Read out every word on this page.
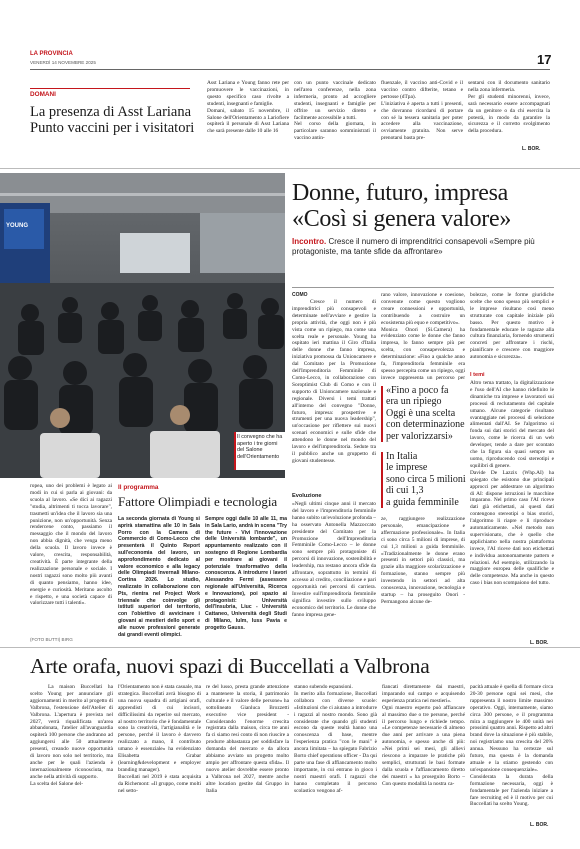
LA PROVINCIA
VENERDÌ 14 NOVEMBRE 2025	17
DOMANI
La presenza di Asst Lariana
Punto vaccini per i visitatori
Asst Lariana e Young fanno rete per promuovere le vaccinazioni, in questo specifico caso rivolte a studenti, insegnanti e famiglie.
Domani, sabato 15 novembre, il Salone dell'Orientamento a Lariofiere ospiterà il personale di Asst Lariana che sarà presente dalle 10 alle 16
con un punto vaccinale dedicato nell'area conferenze, nella zona infermeria, pronto ad accogliere studenti, insegnanti e famiglie per offrire un servizio diretto e facilmente accessibile a tutti.
Nel corso della giornata, in particolare saranno somministrati il vaccino antin-
fluenzale, il vaccino anti-Covid e il vaccino contro difterite, tetano e pertosse (dTpa).
L'iniziativa è aperta a tutti i presenti, che dovranno ricordarsi di portare con sé la tessera sanitaria per poter accedere alla vaccinazione, ovviamente gratuita. Non serve prenotarsi basta pre-
sentarsi con il documento sanitario nella zona infermeria.
Per gli studenti minorenni, invece, sarà necessario essere accompagnati da un genitore o da chi esercita la potestà, in modo da garantire la sicurezza e il corretto svolgimento della procedura.
L. BOR.
YOUNG
Il convegno che ha aperto i tre giorni del Salone dell'Orientamento
Donne, futuro, impresa
«Così si genera valore»
Incontro. Cresce il numero di imprenditrici consapevoli «Sempre più protagoniste, ma tante sfide da affrontare»
COMO
Cresce il numero di imprenditrici più consapevoli e determinate nell'avviare e gestire la propria attività, che oggi non è più vista come un ripiego, ma come una scelta reale e personale. Young ha ospitato ieri mattina il Giro d'Italia delle donne che fanno impresa, iniziativa promossa da Unioncamere e dal Comitato per la Promozione dell'Imprenditoria Femminile di Como-Lecco, in collaborazione con Soroptimist Club di Como e con il supporto di Unioncamere nazionale e regionale. Diversi i temi trattati all'interno del convegno "Donne, futuro, impresa: prospettive e strumenti per una nuova leadership", un'occasione per riflettere sui nuovi scenari economici e sulle sfide che attendono le donne nel mondo del lavoro e dell'imprenditoria. Sedute tra il pubblico anche un gruppetto di giovani studentesse.
Evoluzione
«Negli ultimi cinque anni il mercato del lavoro e l'imprenditoria femminile hanno subìto un'evoluzione profonda – ha osservato Antonella Mazzoccato presidente del Comitato per la Promozione dell'Imprenditoria Femminile Como-Lecco – le donne sono sempre più protagoniste di percorsi di innovazione, sostenibilità e leadership, ma restano ancora sfide da affrontare, soprattutto in termini di accesso al credito, conciliazione e pari opportunità nei percorsi di carriera. Investire sull'imprenditoria femminile significa investire sullo sviluppo economico del territorio. Le donne che fanno impresa gene-
rano valore, innovazione e coesione, convenute come questo vogliono creare connessioni e opportunità, contribuendo a costruire un ecosistema più equo e competitivo».
Monica Onori (Si.Camera) ha evidenziato come le donne che fanno impresa, lo fanno sempre più per scelta, con consapevolezza e determinazione: «Fino a qualche anno fa, l'imprenditoria femminile era spesso percepita come un ripiego, oggi invece rappresenta un percorso per
«Fino a poco fa
era un ripiego
Oggi è una scelta
con determinazione
per valorizzarsi»
In Italia
le imprese
sono circa 5 milioni
di cui 1,3
a guida femminile
ze, raggiungere realizzazione personale, emancipazione e affermazione professionale». In Italia ci sono circa 5 milioni di imprese, di cui 1,3 milioni a guida femminile. «Tradizionalmente le donne erano presenti in settori più classici, ma grazie alla maggiore scolarizzazione e formazione, stanno sempre più investendo in settori ad alta conoscenza, innovazione, tecnologia e startup – ha proseguito Onori - Permangono alcune de-
bolezze, come le forme giuridiche scelte che sono spesso più semplici e le imprese risultano così meno strutturate con capitale iniziale più basso. Per questo motivo è fondamentale educare le ragazze alla cultura finanziaria, fornendo strumenti concreti per affrontare i rischi, pianificare e crescere con maggiore autonomia e sicurezza».
I temi
Altro tema trattato, la digitalizzazione e l'uso dell'AI che hanno ridefinito le dinamiche tra imprese e lavoratori sui processi di reclutamento del capitale umano. Alcune categorie risultano svantaggiate nei processi di selezione alimentati dall'AI. Se l'algoritmo si fonda sui dati storici del mercato del lavoro, come le ricerca di un web developer, tende a dare per scontato che la figura sia quasi sempre un uomo, riproducendo così stereotipi e squilibri di genere.
Davide De Lazzix (Whp.AI) ha spiegato che esistono due principali approcci per addestrare un algoritmo di AI: dispone istruzioni le macchine imparano. Nel primo caso l'AI riceve dati già etichettati, ai questi dati contengono stereotipi o bias storici, l'algoritmo li riapre e li riproduce automaticamente. «Nel metodo non supervisionato, che è quello che applichiamo nella nostra piattaforma invece, l'AI riceve dati non etichettati e individua autonomamente pattern e relazioni. Ad esempio, utilizzando la maggiore europea delle qualifiche e delle competenze. Ma anche in questo caso i bias non scompaiono del tutto.
L. BOR.
ropea, uno dei problemi è legato ai modi in cui si parla ai giovani: da scuola al lavoro. «Se dici ai ragazzi "studia, altrimenti ti tocca lavorare", trasmetti un'idea che il lavoro sia una punizione, non un'opportunità. Senza rendercene conto, passiamo il messaggio che il mondo del lavoro non abbia dignità, che venga meno della scuola. Il lavoro invece è valore, crescita, responsabilità, creatività. È parte integrante della realizzazione personale e sociale. I nostri ragazzi sono molto più avanti di quanto pensiamo, hanno idee, energie e curiosità. Meritano ascolto e rispetto, e una società capace di valorizzare tutti i talenti».
(FOTO BUTTI) BIRG
Il programma
Fattore Olimpiadi e tecnologia
La seconda giornata di Young si aprirà stamattina alle 10 in Sala Porro con la Camera di Commercio di Como-Lecco che presenterà il Quinto Report sull'economia del lavoro, un approfondimento dedicato al valore economico e alla legacy delle Olimpiadi Invernali Milano-Cortina 2026. Lo studio, realizzato in collaborazione con Pts, rientra nel Project Work triennale che coinvolge gli istituti superiori del territorio, con l'obiettivo di avvicinare i giovani ai mestieri dello sport e alle nuove professioni generate dai grandi eventi olimpici.
Sempre oggi dalle 10 alle 11, ma in Sala Lario, andrà in scena "Try the future - Vivi l'innovazione delle Università lombarde", un appuntamento realizzato con il sostegno di Regione Lombardia per mostrare ai giovani il potenziale trasformativo della conoscenza. A introdurre i lavori Alessandro Fermi (assessore regionale all'Università, Ricerca e Innovazione), poi spazio ai protagonisti: Università dell'Insubria, Liuc - Università Cattaneo, Università degli Studi di Milano, Iulm, Iuss Pavia e progetto Gauss.
Arte orafa, nuovi spazi di Buccellati a Valbrona
La maison Buccellati ha scelto Young per annunciare gli aggiornamenti in merito al progetto di Valbrona, l'estensione dell'Atelier di Valbrona. L'apertura è prevista nel 2027, verrà riqualificata un'area abbandonata, l'atelier all'avanguardia ospiterà 100 persone che andranno ad aggiungersi alle 50 attualmente presenti, creando nuove opportunità di lavoro non solo nel territorio, ma anche per le quali l'azienda è internazionalmente riconosciuta, ma anche nella attività di supporto.
La scelta del Salone del-
l'Orientamento non è stata casuale, ma strategica. Buccellati avrà bisogno di una nuova squadra di artigiani orafi, apprendisti di cui incisori, difficilissimi da reperire sul mercato, al nostro territorio che è fondamentale sono la creatività, l'artigianalità e le persone, perché il lavoro è davvero realizzato a mano, il contributo umano è essenziale» ha evidenziato Elisabetta Grabar (learning&development e employer branding manager).
Buccellati nel 2019 è stata acquisita da Richemont: «Il gruppo, come molti nel setto-
re del lusso, presta grande attenzione a mantenere la storia, il patrimonio culturale e il valore delle persone» ha sottolineato Gianluca Brozzetti executive vice president - Considerando l'enorme crescita registrata dalla maison, circa tre anni fa ci siamo resi conto di non riuscire a produrre abbastanza per soddisfare la domanda del mercato e da allora abbiamo avviato un progetto molto ampio per affrontare questa sfida». Il nuovo atelier dovrebbe essere pronto a Valbrona nel 2027, mentre anche altre location gestite dal Gruppo in Italia
stanno subendo espansioni.
In merito alla formazione, Buccellati collabora con diverse scuole: «Istituzioni che ci aiutano a introdurre i ragazzi al nostro mondo. Sono già considerate che quando gli studenti escono da queste realtà hanno una conoscenza di base, mentre l'esperienza pratica "con le mani" è ancora limitata – ha spiegato Fabrizio Borto chief operations officer - Da qui parte una fase di affiancamento molto importante, in cui entrano in gioco i nostri maestri orafi. I ragazzi che hanno completato il percorso scolastico vengono af-
fiancati direttamente dai maestri, imparando sul campo e acquisendo esperienza pratica nei mestieri».
Ogni maestro esperto può affiancare al massimo due o tre persone, perché il percorso lungo e richiede tempo. «Le competenze necessarie di almeno due anni per arrivare a una piena autonomia, e spesso anche di più: «Nei primi sei mesi, gli allievi riescono a imparare le pratiche più semplici, strutturati le basi formate dalla scuola e l'affiancamento diretto dei maestri » ha proseguito Borto – Con questo modalità la nostra ca-
pacità attuale è quella di formare circa 20-30 persone ogni sei mesi, che rappresenta il nostro limite massimo operativo. Oggi, internamente, siamo circa 300 persone, e il programma mira a raggiungere le 400 unità nei prossimi quattro anni. Rispetto ad altri brand dove la situazione è più stabile, noi registriamo una crescita del 20% annua. Nessuno ha certezze sul futuro, ma questa è la domanda attuale e la stiamo gestendo con un'espansione consequenziale».
Considerata la durata della formazione necessaria, oggi è fondamentale per l'azienda iniziare a fare recruiting ed è il motivo per cui Buccellati ha scelto Young.
L. BOR.
